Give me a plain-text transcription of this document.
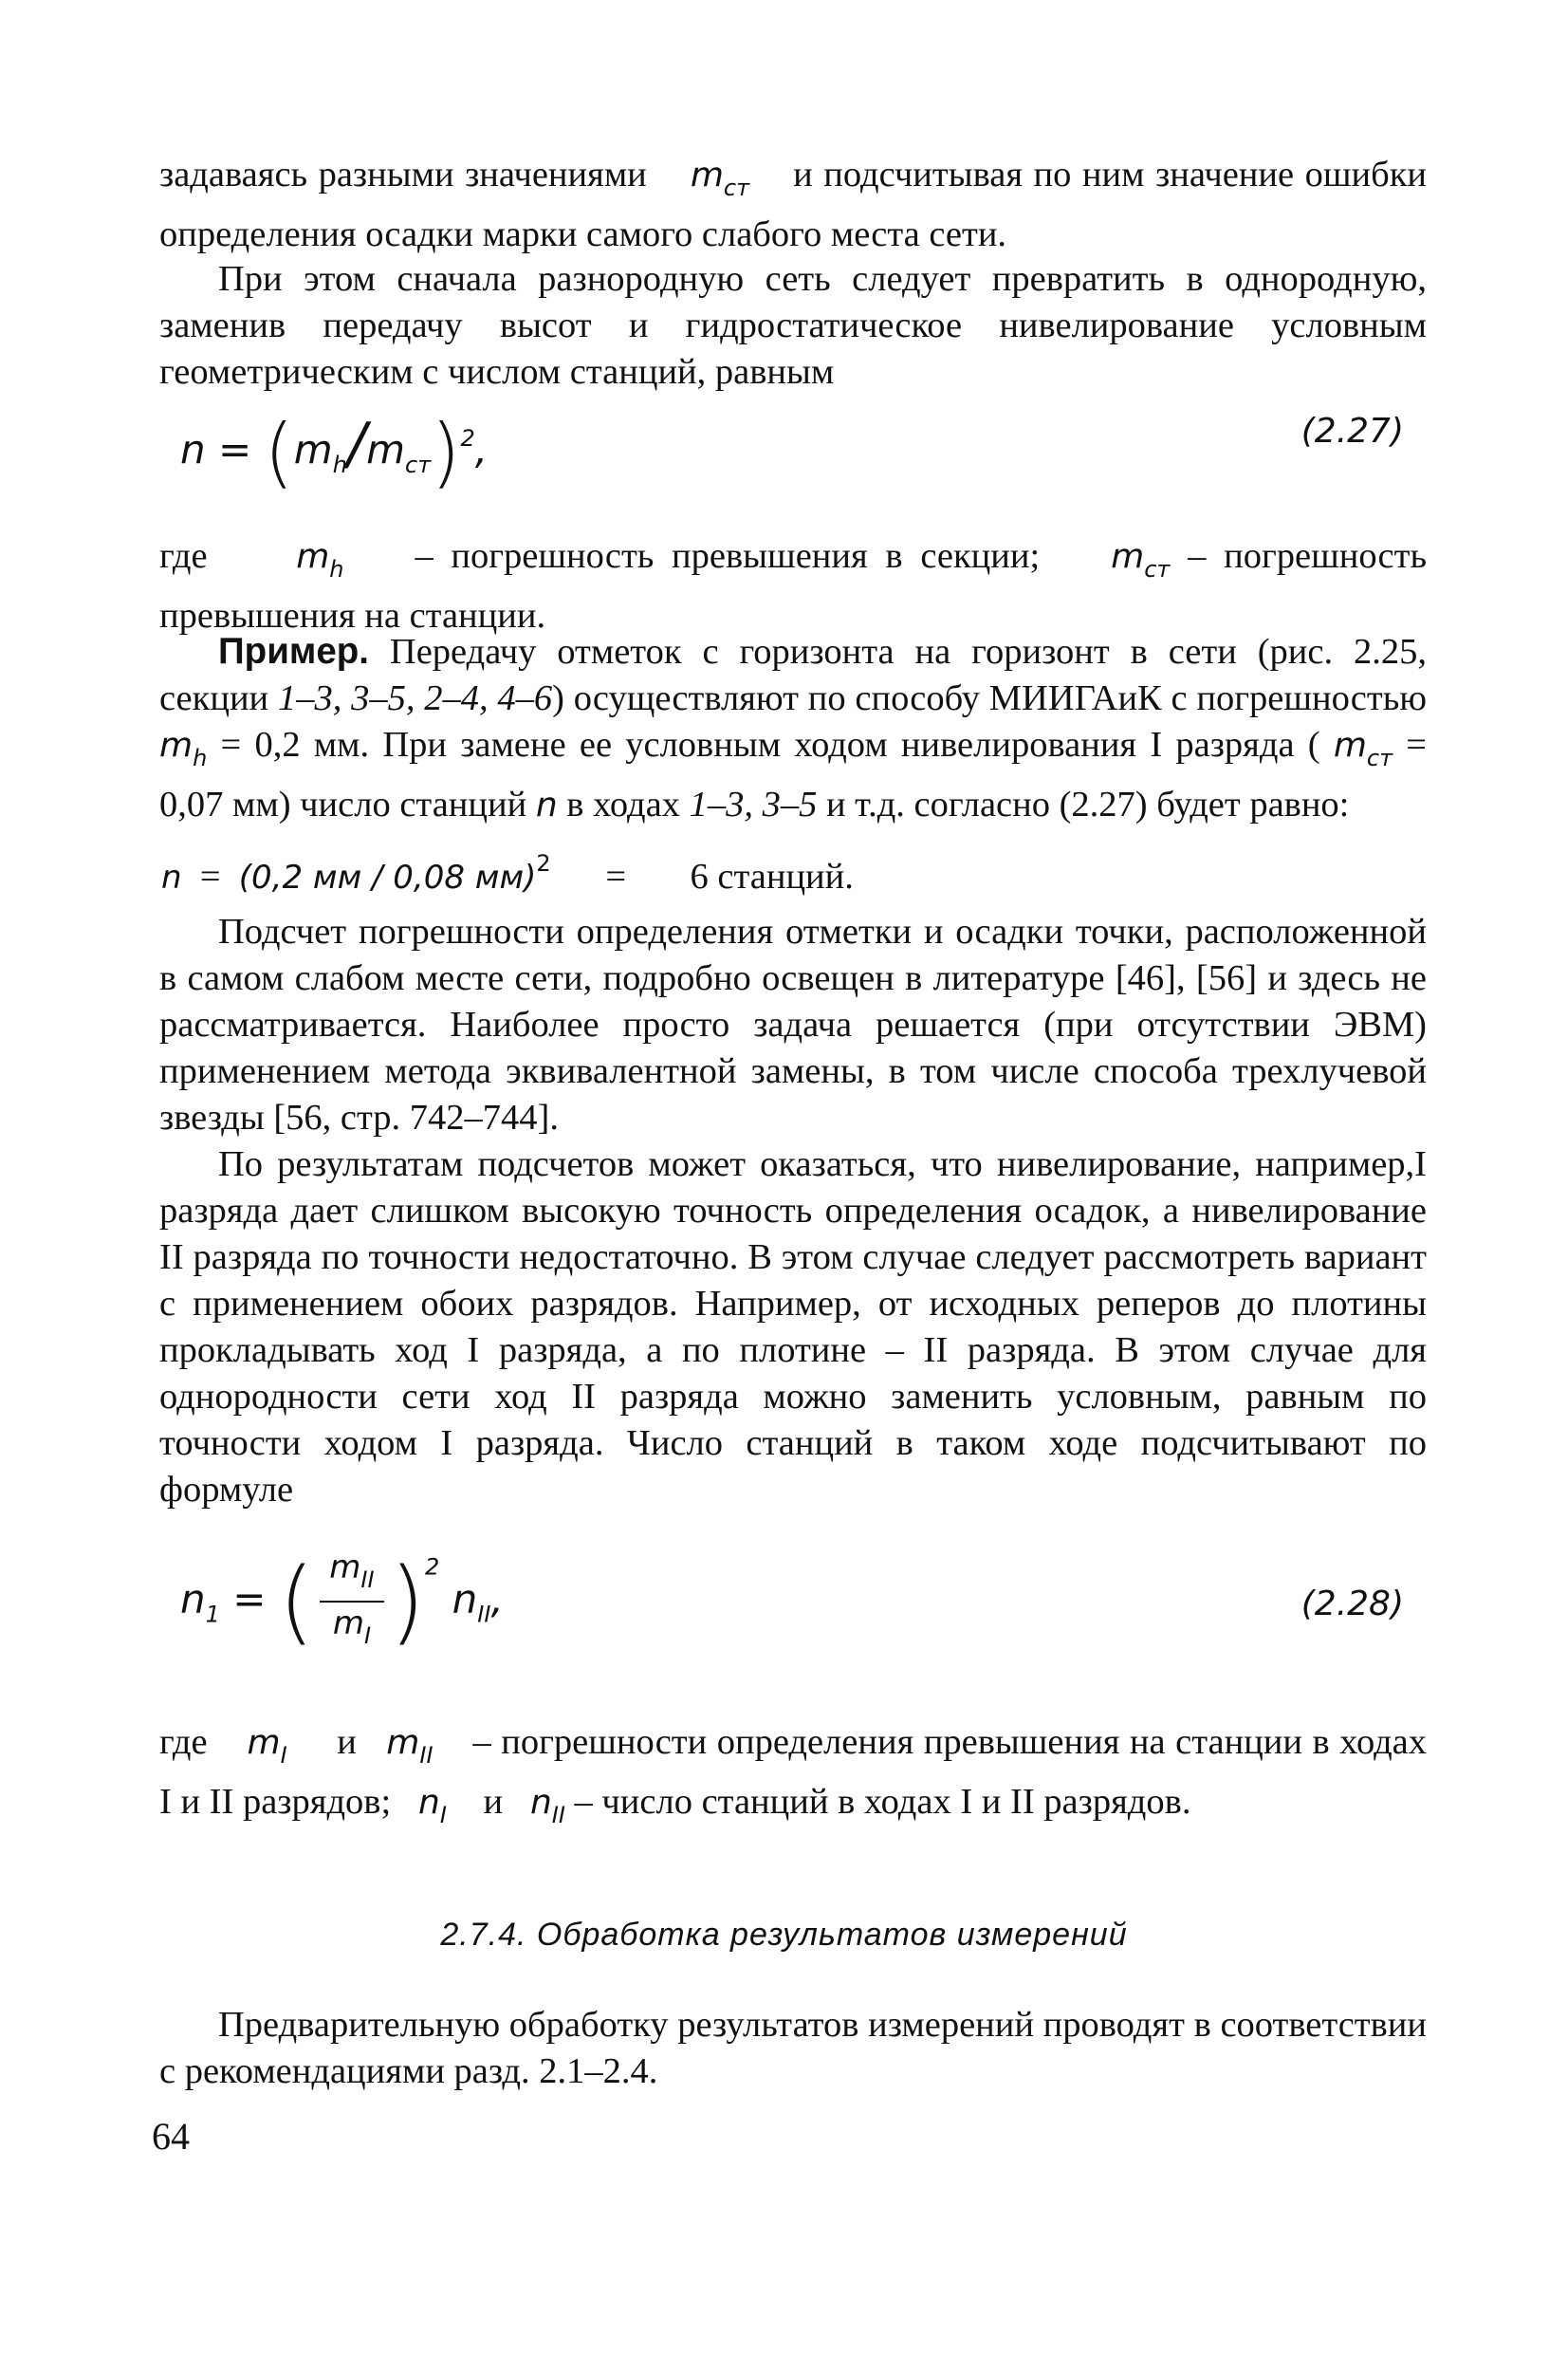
задаваясь разными значениями $m_{ст}$ и подсчитывая по ним значение ошибки определения осадки марки самого слабого места сети.

При этом сначала разнородную сеть следует превратить в однородную, заменив передачу высот и гидростатическое нивелирование условным геометрическим с числом станций, равным

$n = (m_h/m_{ст})^2$,	(2.27)

где	$m_h$ – погрешность превышения в секции; $m_{ст}$ – погрешность превышения на станции.

Пример. Передачу отметок с горизонта на горизонт в сети (рис. 2.25, секции 1–3, 3–5, 2–4, 4–6) осуществляют по способу МИИГАиК с погрешностью $m_h = 0,2$ мм. При замене ее условным ходом нивелирования I разряда ( $m_{ст} = 0,07$ мм) число станций n в ходах 1–3, 3–5 и т.д. согласно (2.27) будет равно:

n = (0,2 мм / 0,08 мм)$^2$ = 6 станций.

Подсчет погрешности определения отметки и осадки точки, расположенной в самом слабом месте сети, подробно освещен в литературе [46], [56] и здесь не рассматривается. Наиболее просто задача решается (при отсутствии ЭВМ) применением метода эквивалентной замены, в том числе способа трехлучевой звезды [56, стр. 742–744].

По результатам подсчетов может оказаться, что нивелирование, например,I разряда дает слишком высокую точность определения осадок, а нивелирование II разряда по точности недостаточно. В этом случае следует рассмотреть вариант с применением обоих разрядов. Например, от исходных реперов до плотины прокладывать ход I разряда, а по плотине – II разряда. В этом случае для однородности сети ход II разряда можно заменить условным, равным по точности ходом I разряда. Число станций в таком ходе подсчитывают по формуле

$n_1$ = ( $\frac{m_{II}}{m_I} )^2$ $n_{II}$,	(2.28)

где $m_I$ и $m_{II}$ – погрешности определения превышения на станции в ходах I и II разрядов; $n_I$ и $n_{II}$ – число станций в ходах I и II разрядов.

2.7.4. Обработка результатов измерений

Предварительную обработку результатов измерений проводят в соответствии с рекомендациями разд. 2.1–2.4.

64
